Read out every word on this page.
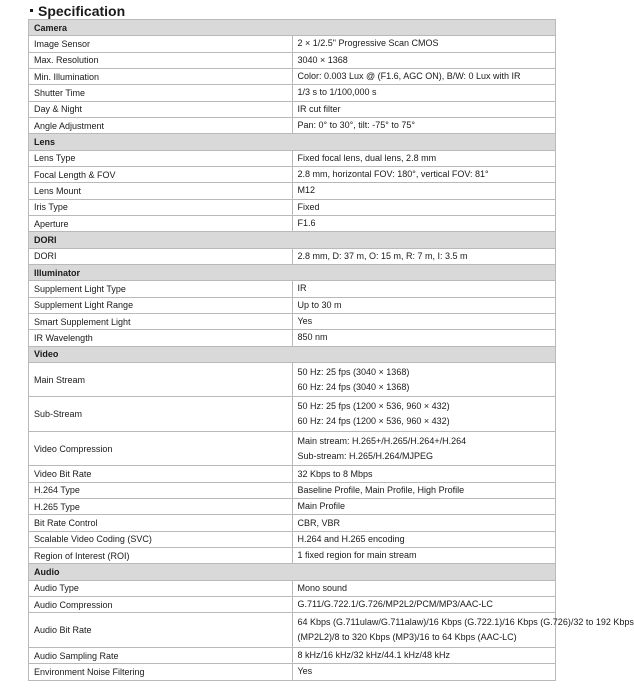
Specification
Camera	
Image Sensor	2 × 1/2.5" Progressive Scan CMOS

Max. Resolution	3040 × 1368

Min. Illumination	Color: 0.003 Lux @ (F1.6, AGC ON), B/W: 0 Lux with IR

Shutter Time	1/3 s to 1/100,000 s

Day & Night	IR cut filter

Angle Adjustment	Pan: 0° to 30°, tilt: -75° to 75°

Lens	
Lens Type	Fixed focal lens, dual lens, 2.8 mm

Focal Length & FOV	2.8 mm, horizontal FOV: 180°, vertical FOV: 81°

Lens Mount	M12

Iris Type	Fixed

Aperture	F1.6

DORI	
DORI	2.8 mm, D: 37 m, O: 15 m, R: 7 m, I: 3.5 m

Illuminator	
Supplement Light Type	IR

Supplement Light Range	Up to 30 m

Smart Supplement Light	Yes

IR Wavelength	850 nm

Video	
Main Stream	50 Hz: 25 fps (3040 × 1368)
60 Hz: 24 fps (3040 × 1368)

Sub-Stream	50 Hz: 25 fps (1200 × 536, 960 × 432)
60 Hz: 24 fps (1200 × 536, 960 × 432)

Video Compression	Main stream: H.265+/H.265/H.264+/H.264
Sub-stream: H.265/H.264/MJPEG

Video Bit Rate	32 Kbps to 8 Mbps

H.264 Type	Baseline Profile, Main Profile, High Profile

H.265 Type	Main Profile

Bit Rate Control	CBR, VBR

Scalable Video Coding (SVC)	H.264 and H.265 encoding

Region of Interest (ROI)	1 fixed region for main stream

Audio	
Audio Type	Mono sound

Audio Compression	G.711/G.722.1/G.726/MP2L2/PCM/MP3/AAC-LC

Audio Bit Rate	64 Kbps (G.711ulaw/G.711alaw)/16 Kbps (G.722.1)/16 Kbps (G.726)/32 to 192 Kbps
(MP2L2)/8 to 320 Kbps (MP3)/16 to 64 Kbps (AAC-LC)

Audio Sampling Rate	8 kHz/16 kHz/32 kHz/44.1 kHz/48 kHz

Environment Noise Filtering	Yes
